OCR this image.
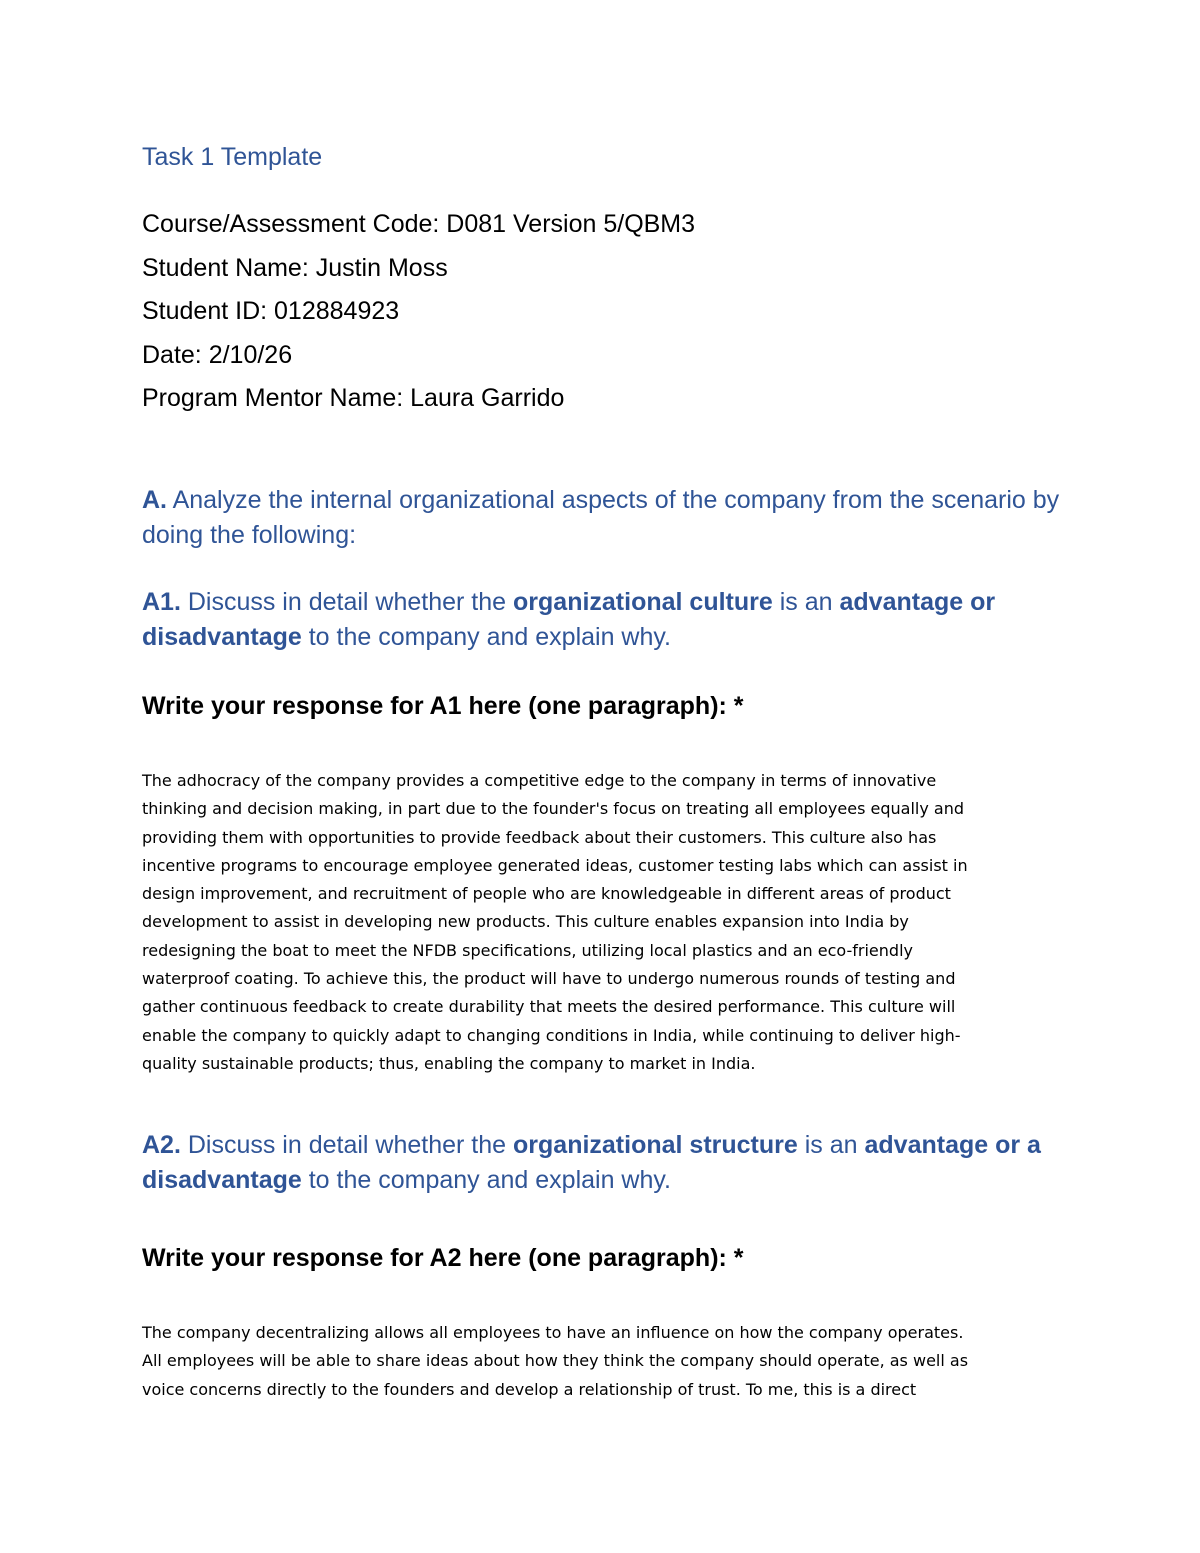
Task 1 Template
Course/Assessment Code: D081 Version 5/QBM3
Student Name: Justin Moss
Student ID: 012884923
Date: 2/10/26
Program Mentor Name: Laura Garrido
A. Analyze the internal organizational aspects of the company from the scenario by doing the following:
A1. Discuss in detail whether the organizational culture is an advantage or disadvantage to the company and explain why.
Write your response for A1 here (one paragraph): *
The adhocracy of the company provides a competitive edge to the company in terms of innovative
thinking and decision making, in part due to the founder's focus on treating all employees equally and
providing them with opportunities to provide feedback about their customers. This culture also has
incentive programs to encourage employee generated ideas, customer testing labs which can assist in
design improvement, and recruitment of people who are knowledgeable in different areas of product
development to assist in developing new products. This culture enables expansion into India by
redesigning the boat to meet the NFDB specifications, utilizing local plastics and an eco-friendly
waterproof coating. To achieve this, the product will have to undergo numerous rounds of testing and
gather continuous feedback to create durability that meets the desired performance. This culture will
enable the company to quickly adapt to changing conditions in India, while continuing to deliver high-
quality sustainable products; thus, enabling the company to market in India.
A2. Discuss in detail whether the organizational structure is an advantage or a disadvantage to the company and explain why.
Write your response for A2 here (one paragraph): *
The company decentralizing allows all employees to have an influence on how the company operates.
All employees will be able to share ideas about how they think the company should operate, as well as
voice concerns directly to the founders and develop a relationship of trust. To me, this is a direct
